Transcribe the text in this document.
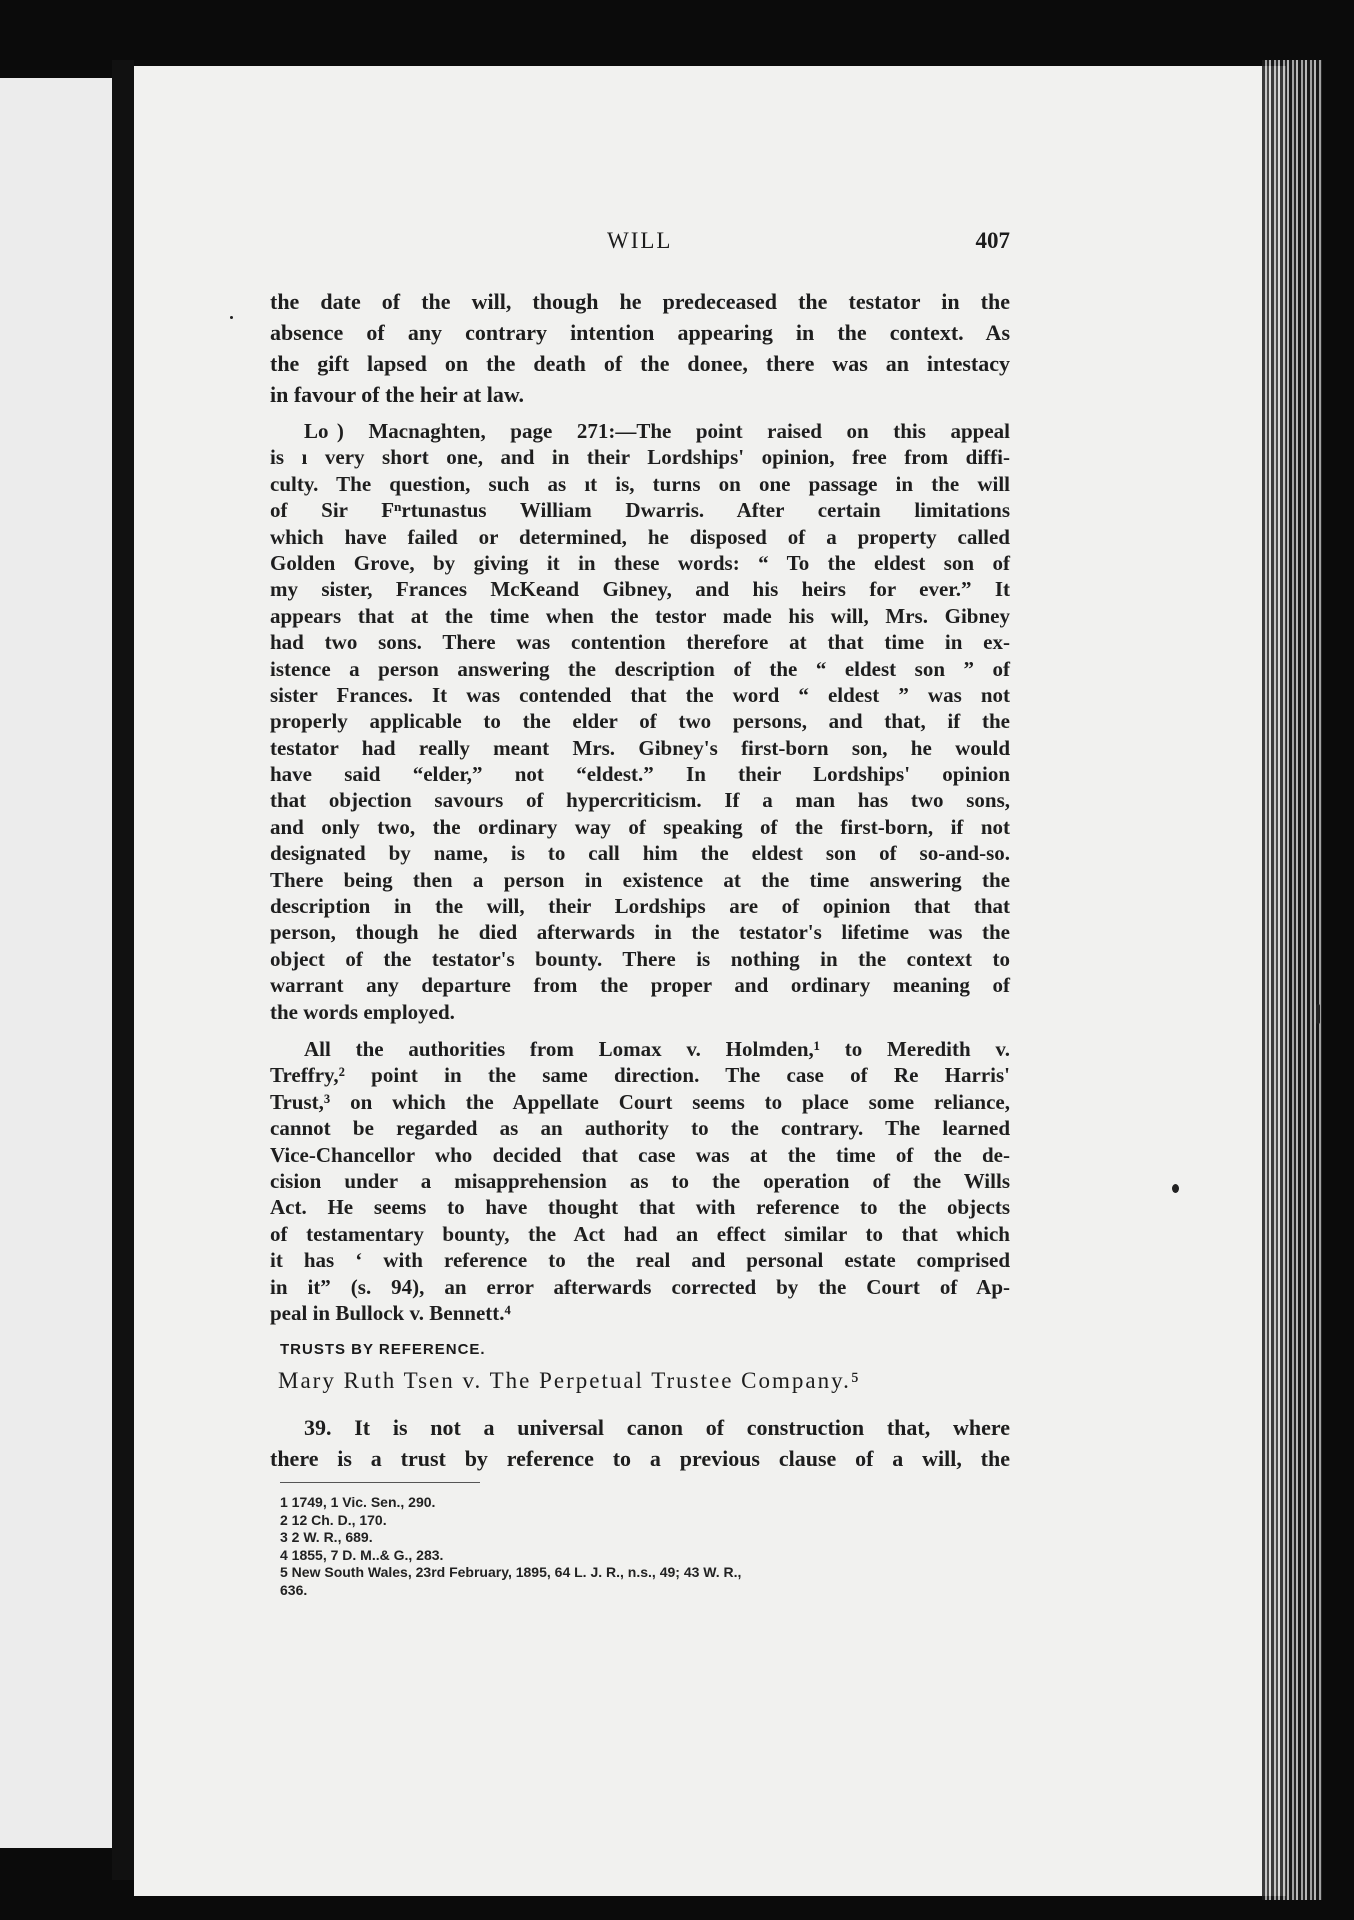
WILL	407
the date of the will, though he predeceased the testator in the
absence of any contrary intention appearing in the context. As
the gift lapsed on the death of the donee, there was an intestacy
in favour of the heir at law.
Lo  ) Macnaghten, page 271:—The point raised on this appeal
is ı very short one, and in their Lordships' opinion, free from diffi-
culty. The question, such as ıt is, turns on one passage in the will
of Sir Fⁿrtunastus William Dwarris. After certain limitations
which have failed or determined, he disposed of a property called
Golden Grove, by giving it in these words: “ To the eldest son of
my sister, Frances McKeand Gibney, and his heirs for ever.” It
appears that at the time when the testor made his will, Mrs. Gibney
had two sons. There was contention therefore at that time in ex-
istence a person answering the description of the “ eldest son ” of
sister Frances. It was contended that the word “ eldest ” was not
properly applicable to the elder of two persons, and that, if the
testator had really meant Mrs. Gibney's first-born son, he would
have said “elder,” not “eldest.” In their Lordships' opinion
that objection savours of hypercriticism. If a man has two sons,
and only two, the ordinary way of speaking of the first-born, if not
designated by name, is to call him the eldest son of so-and-so.
There being then a person in existence at the time answering the
description in the will, their Lordships are of opinion that that
person, though he died afterwards in the testator's lifetime was the
object of the testator's bounty. There is nothing in the context to
warrant any departure from the proper and ordinary meaning of
the words employed.
All the authorities from Lomax v. Holmden,¹ to Meredith v.
Treffry,² point in the same direction. The case of Re Harris'
Trust,³ on which the Appellate Court seems to place some reliance,
cannot be regarded as an authority to the contrary. The learned
Vice-Chancellor who decided that case was at the time of the de-
cision under a misapprehension as to the operation of the Wills
Act. He seems to have thought that with reference to the objects
of testamentary bounty, the Act had an effect similar to that which
it has ‘ with reference to the real and personal estate comprised
in it” (s. 94), an error afterwards corrected by the Court of Ap-
peal in Bullock v. Bennett.⁴
TRUSTS BY REFERENCE.
Mary Ruth Tsen v. The Perpetual Trustee Company.⁵
39. It is not a universal canon of construction that, where
there is a trust by reference to a previous clause of a will, the
1 1749, 1 Vic. Sen., 290.
2 12 Ch. D., 170.
3 2 W. R., 689.
4 1855, 7 D. M..& G., 283.
5 New South Wales, 23rd February, 1895, 64 L. J. R., n.s., 49; 43 W. R.,
636.
